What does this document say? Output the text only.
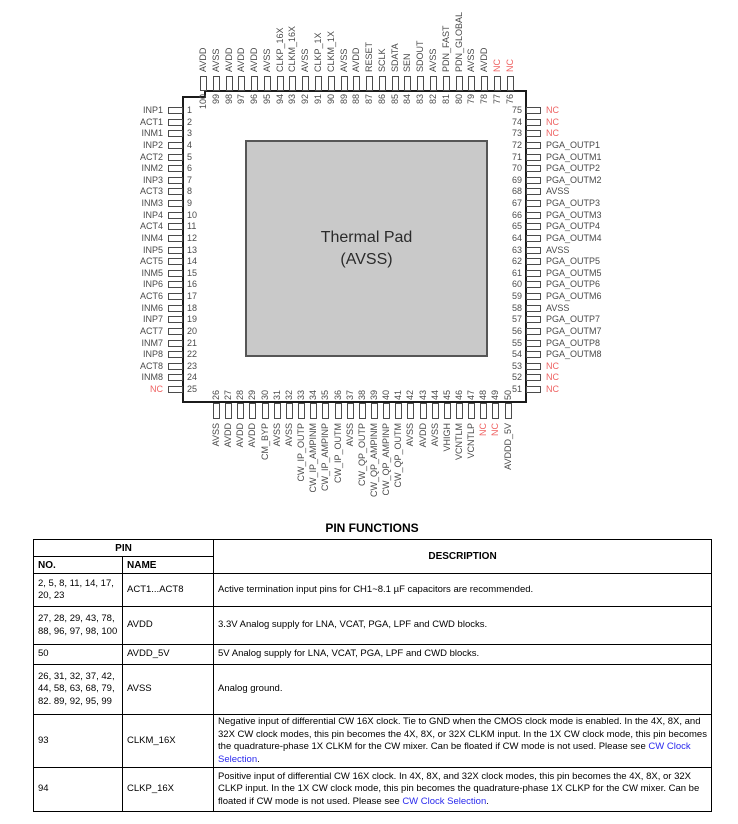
Thermal Pad
(AVSS)
INP1	1
ACT1	2
INM1	3
INP2	4
ACT2	5
INM2	6
INP3	7
ACT3	8
INM3	9
INP4	10
ACT4	11
INM4	12
INP5	13
ACT5	14
INM5	15
INP6	16
ACT6	17
INM6	18
INP7	19
ACT7	20
INM7	21
INP8	22
ACT8	23
INM8	24
NC	25
75	NC
74	NC
73	NC
72	PGA_OUTP1
71	PGA_OUTM1
70	PGA_OUTP2
69	PGA_OUTM2
68	AVSS
67	PGA_OUTP3
66	PGA_OUTM3
65	PGA_OUTP4
64	PGA_OUTM4
63	AVSS
62	PGA_OUTP5
61	PGA_OUTM5
60	PGA_OUTP6
59	PGA_OUTM6
58	AVSS
57	PGA_OUTP7
56	PGA_OUTM7
55	PGA_OUTP8
54	PGA_OUTM8
53	NC
52	NC
51	NC
AVDD
100
AVSS
99
AVDD
98
AVDD
97
AVDD
96
AVSS
95
CLKP_16X
94
CLKM_16X
93
AVSS
92
CLKP_1X
91
CLKM_1X
90
AVSS
89
AVDD
88
RESET
87
SCLK
86
SDATA
85
SEN
84
SDOUT
83
AVSS
82
PDN_FAST
81
PDN_GLOBAL
80
AVSS
79
AVDD
78
NC
77
NC
76
26
AVSS
27
AVDD
28
AVDD
29
AVDD
30
CM_BYP
31
AVSS
32
AVSS
33
CW_IP_OUTP
34
CW_IP_AMPINM
35
CW_IP_AMPINP
36
CW_IP_OUTM
37
AVSS
38
CW_QP_OUTP
39
CW_QP_AMPINM
40
CW_QP_AMPINP
41
CW_QP_OUTM
42
AVSS
43
AVDD
44
AVSS
45
VHIGH
46
VCNTLM
47
VCNTLP
48
NC
49
NC
50
AVDDD_5V
PIN FUNCTIONS
PIN		DESCRIPTION
NO.	NAME	
2, 5, 8, 11, 14, 17, 20, 23	ACT1...ACT8	Active termination input pins for CH1~8.1 µF capacitors are recommended.
27, 28, 29, 43, 78, 88, 96, 97, 98, 100	AVDD	3.3V Analog supply for LNA, VCAT, PGA, LPF and CWD blocks.
50	AVDD_5V	5V Analog supply for LNA, VCAT, PGA, LPF and CWD blocks.
26, 31, 32, 37, 42, 44, 58, 63, 68, 79, 82. 89, 92, 95, 99	AVSS	Analog ground.
93	CLKM_16X	Negative input of differential CW 16X clock. Tie to GND when the CMOS clock mode is enabled. In the 4X, 8X, and 32X CW clock modes, this pin becomes the 4X, 8X, or 32X CLKM input. In the 1X CW clock mode, this pin becomes the quadrature-phase 1X CLKM for the CW mixer. Can be floated if CW mode is not used. Please see CW Clock Selection.
94	CLKP_16X	Positive input of differential CW 16X clock. In 4X, 8X, and 32X clock modes, this pin becomes the 4X, 8X, or 32X CLKP input. In the 1X CW clock mode, this pin becomes the quadrature-phase 1X CLKP for the CW mixer. Can be floated if CW mode is not used. Please see CW Clock Selection.
